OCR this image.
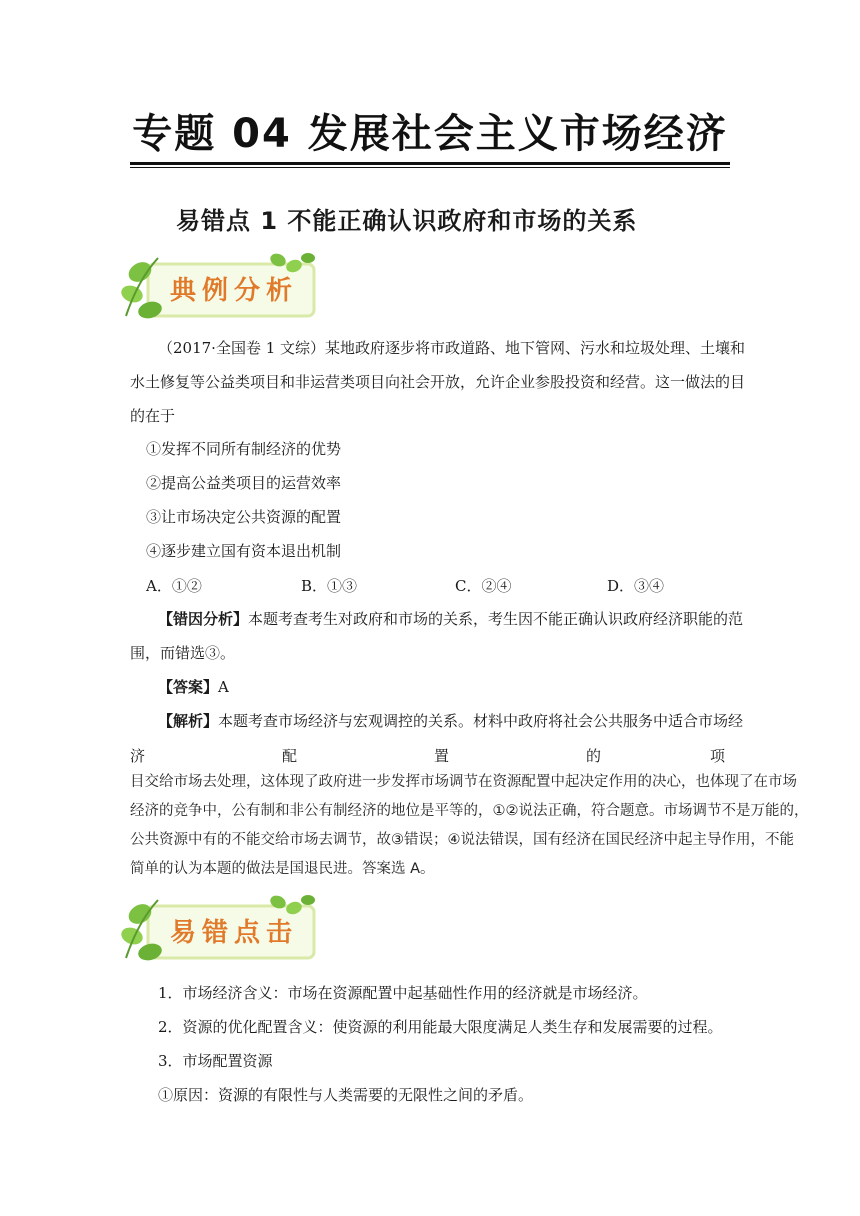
专题 04 发展社会主义市场经济
易错点 1 不能正确认识政府和市场的关系
典例分析
（2017·全国卷 1 文综）某地政府逐步将市政道路、地下管网、污水和垃圾处理、土壤和
水土修复等公益类项目和非运营类项目向社会开放，允许企业参股投资和经营。这一做法的目
的在于
①发挥不同所有制经济的优势
②提高公益类项目的运营效率
③让市场决定公共资源的配置
④逐步建立国有资本退出机制
A．①②	B．①③	C．②④	D．③④
【错因分析】本题考查考生对政府和市场的关系，考生因不能正确认识政府经济职能的范
围，而错选③。
【答案】A
【解析】本题考查市场经济与宏观调控的关系。材料中政府将社会公共服务中适合市场经
济	配	置	的	项
目交给市场去处理，这体现了政府进一步发挥市场调节在资源配置中起决定作用的决心，也体现了在市场
经济的竞争中，公有制和非公有制经济的地位是平等的，①②说法正确，符合题意。市场调节不是万能的，
公共资源中有的不能交给市场去调节，故③错误；④说法错误，国有经济在国民经济中起主导作用，不能
简单的认为本题的做法是国退民进。答案选 A。
易错点击
1．市场经济含义：市场在资源配置中起基础性作用的经济就是市场经济。
2．资源的优化配置含义：使资源的利用能最大限度满足人类生存和发展需要的过程。
3．市场配置资源
①原因：资源的有限性与人类需要的无限性之间的矛盾。
